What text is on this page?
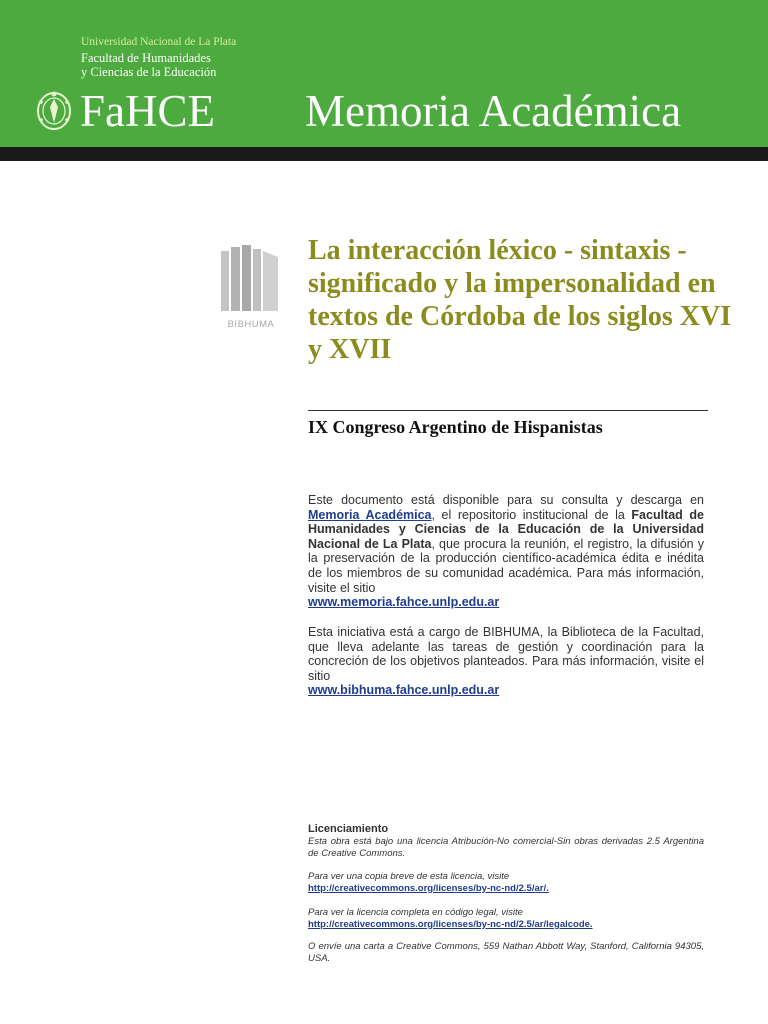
Universidad Nacional de La Plata
Facultad de Humanidades
y Ciencias de la Educación
FaHCE Memoria Académica
BIBHUMA
La interacción léxico - sintaxis - significado y la impersonalidad en textos de Córdoba de los siglos XVI y XVII
IX Congreso Argentino de Hispanistas

Este documento está disponible para su consulta y descarga en Memoria Académica, el repositorio institucional de la Facultad de Humanidades y Ciencias de la Educación de la Universidad Nacional de La Plata, que procura la reunión, el registro, la difusión y la preservación de la producción científico-académica édita e inédita de los miembros de su comunidad académica. Para más información, visite el sitio
www.memoria.fahce.unlp.edu.ar

Esta iniciativa está a cargo de BIBHUMA, la Biblioteca de la Facultad, que lleva adelante las tareas de gestión y coordinación para la concreción de los objetivos planteados. Para más información, visite el sitio
www.bibhuma.fahce.unlp.edu.ar

Licenciamiento

Esta obra está bajo una licencia Atribución-No comercial-Sin obras derivadas 2.5 Argentina de Creative Commons.

Para ver una copia breve de esta licencia, visite
http://creativecommons.org/licenses/by-nc-nd/2.5/ar/.

Para ver la licencia completa en código legal, visite
http://creativecommons.org/licenses/by-nc-nd/2.5/ar/legalcode.

O envíe una carta a Creative Commons, 559 Nathan Abbott Way, Stanford, California 94305, USA.
